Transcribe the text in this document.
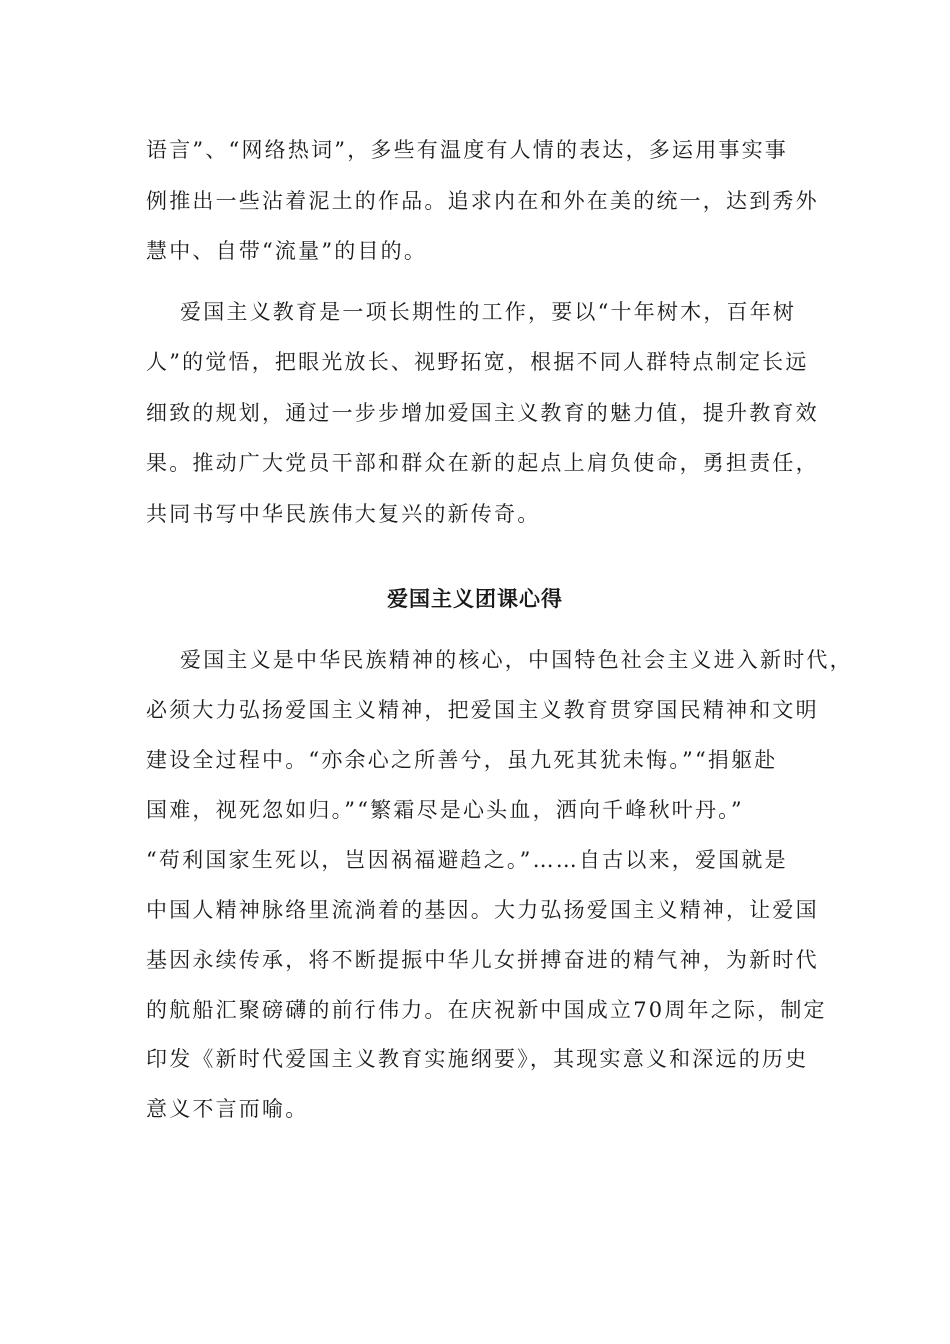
语言”、“网络热词”，多些有温度有人情的表达，多运用事实事
例推出一些沾着泥土的作品。追求内在和外在美的统一，达到秀外
慧中、自带“流量”的目的。
爱国主义教育是一项长期性的工作，要以“十年树木，百年树
人”的觉悟，把眼光放长、视野拓宽，根据不同人群特点制定长远
细致的规划，通过一步步增加爱国主义教育的魅力值，提升教育效
果。推动广大党员干部和群众在新的起点上肩负使命，勇担责任，
共同书写中华民族伟大复兴的新传奇。
爱国主义团课心得
爱国主义是中华民族精神的核心，中国特色社会主义进入新时代，
必须大力弘扬爱国主义精神，把爱国主义教育贯穿国民精神和文明
建设全过程中。“亦余心之所善兮，虽九死其犹未悔。”“捐躯赴
国难，视死忽如归。”“繁霜尽是心头血，洒向千峰秋叶丹。”
“苟利国家生死以，岂因祸福避趋之。”……自古以来，爱国就是
中国人精神脉络里流淌着的基因。大力弘扬爱国主义精神，让爱国
基因永续传承，将不断提振中华儿女拼搏奋进的精气神，为新时代
的航船汇聚磅礴的前行伟力。在庆祝新中国成立70周年之际，制定
印发《新时代爱国主义教育实施纲要》，其现实意义和深远的历史
意义不言而喻。
